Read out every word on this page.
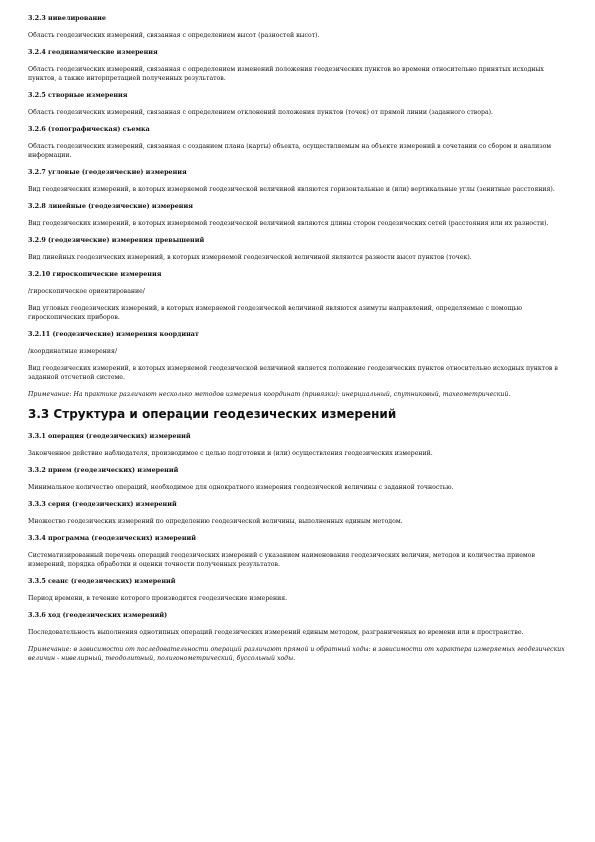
3.2.3 нивелирование
Область геодезических измерений, связанная с определением высот (разностей высот).
3.2.4 геодинамические измерения
Область геодезических измерений, связанная с определением изменений положения геодезических пунктов во времени относительно принятых исходных пунктов, а также интерпретацией полученных результатов.
3.2.5 створные измерения
Область геодезических измерений, связанная с определением отклонений положения пунктов (точек) от прямой линии (заданного створа).
3.2.6 (топографическая) съемка
Область геодезических измерений, связанная с созданием плана (карты) объекта, осуществляемым на объекте измерений в сочетании со сбором и анализом информации.
3.2.7 угловые (геодезические) измерения
Вид геодезических измерений, в которых измеряемой геодезической величиной являются горизонтальные и (или) вертикальные углы (зенитные расстояния).
3.2.8 линейные (геодезические) измерения
Вид геодезических измерений, в которых измеряемой геодезической величиной являются длины сторон геодезических сетей (расстояния или их разности).
3.2.9 (геодезические) измерения превышений
Вид линейных геодезических измерений, в которых измеряемой геодезической величиной являются разности высот пунктов (точек).
3.2.10 гироскопические измерения
/гироскопическое ориентирование/
Вид угловых геодезических измерений, в которых измеряемой геодезической величиной являются азимуты направлений, определяемые с помощью гироскопических приборов.
3.2.11 (геодезические) измерения координат
/координатные измерения/
Вид геодезических измерений, в которых измеряемой геодезической величиной является положение геодезических пунктов относительно исходных пунктов в заданной отсчетной системе.
Примечание: На практике различают несколько методов измерения координат (привязки): инерциальный, спутниковый, тахеометрический.
3.3 Структура и операции геодезических измерений
3.3.1 операция (геодезических) измерений
Законченное действие наблюдателя, производимое с целью подготовки и (или) осуществления геодезических измерений.
3.3.2 прием (геодезических) измерений
Минимальное количество операций, необходимое для однократного измерения геодезической величины с заданной точностью.
3.3.3 серия (геодезических) измерений
Множество геодезических измерений по определению геодезической величины, выполненных единым методом.
3.3.4 программа (геодезических) измерений
Систематизированный перечень операций геодезических измерений с указанием наименования геодезических величин, методов и количества приемов измерений, порядка обработки и оценки точности полученных результатов.
3.3.5 сеанс (геодезических) измерений
Период времени, в течение которого производятся геодезические измерения.
3.3.6 ход (геодезических измерений)
Последовательность выполнения однотипных операций геодезических измерений единым методом, разграниченных во времени или в пространстве.
Примечание: в зависимости от последовательности операций различают прямой и обратный ходы: в зависимости от характера измеряемых геодезических величин - нивелирный, теодолитный, полигонометрический, буссольный ходы.
